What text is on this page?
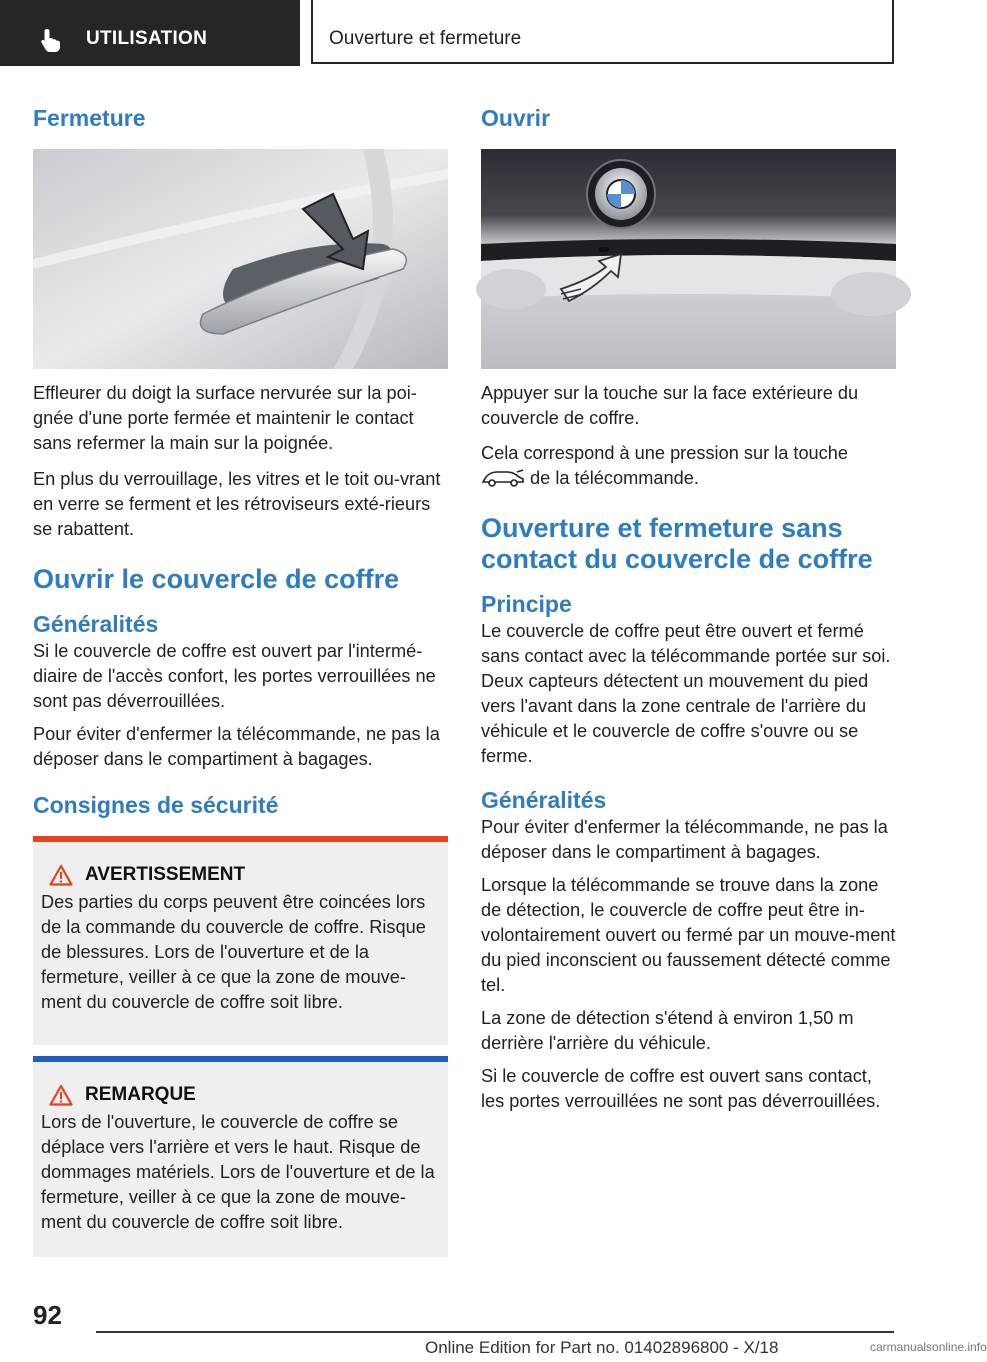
UTILISATION	Ouverture et fermeture
Fermeture

Effleurer du doigt la surface nervurée sur la poi-gnée d'une porte fermée et maintenir le contact sans refermer la main sur la poignée.

En plus du verrouillage, les vitres et le toit ou-vrant en verre se ferment et les rétroviseurs exté-rieurs se rabattent.

Ouvrir le couvercle de coffre
Généralités

Si le couvercle de coffre est ouvert par l'intermé-diaire de l'accès confort, les portes verrouillées ne sont pas déverrouillées.

Pour éviter d'enfermer la télécommande, ne pas la déposer dans le compartiment à bagages.

Consignes de sécurité
AVERTISSEMENT

Des parties du corps peuvent être coincées lors de la commande du couvercle de coffre. Risque de blessures. Lors de l'ouverture et de la fermeture, veiller à ce que la zone de mouve-ment du couvercle de coffre soit libre.

REMARQUE

Lors de l'ouverture, le couvercle de coffre se déplace vers l'arrière et vers le haut. Risque de dommages matériels. Lors de l'ouverture et de la fermeture, veiller à ce que la zone de mouve-ment du couvercle de coffre soit libre.

Ouvrir

Appuyer sur la touche sur la face extérieure du couvercle de coffre.

Cela correspond à une pression sur la touche
de la télécommande.

Ouverture et fermeture sans contact du couvercle de coffre
Principe

Le couvercle de coffre peut être ouvert et fermé sans contact avec la télécommande portée sur soi. Deux capteurs détectent un mouvement du pied vers l'avant dans la zone centrale de l'arrière du véhicule et le couvercle de coffre s'ouvre ou se ferme.

Généralités

Pour éviter d'enfermer la télécommande, ne pas la déposer dans le compartiment à bagages.

Lorsque la télécommande se trouve dans la zone de détection, le couvercle de coffre peut être in-volontairement ouvert ou fermé par un mouve-ment du pied inconscient ou faussement détecté comme tel.

La zone de détection s'étend à environ 1,50 m derrière l'arrière du véhicule.

Si le couvercle de coffre est ouvert sans contact, les portes verrouillées ne sont pas déverrouillées.

92
Online Edition for Part no. 01402896800 - X/18	carmanualsonline.info
